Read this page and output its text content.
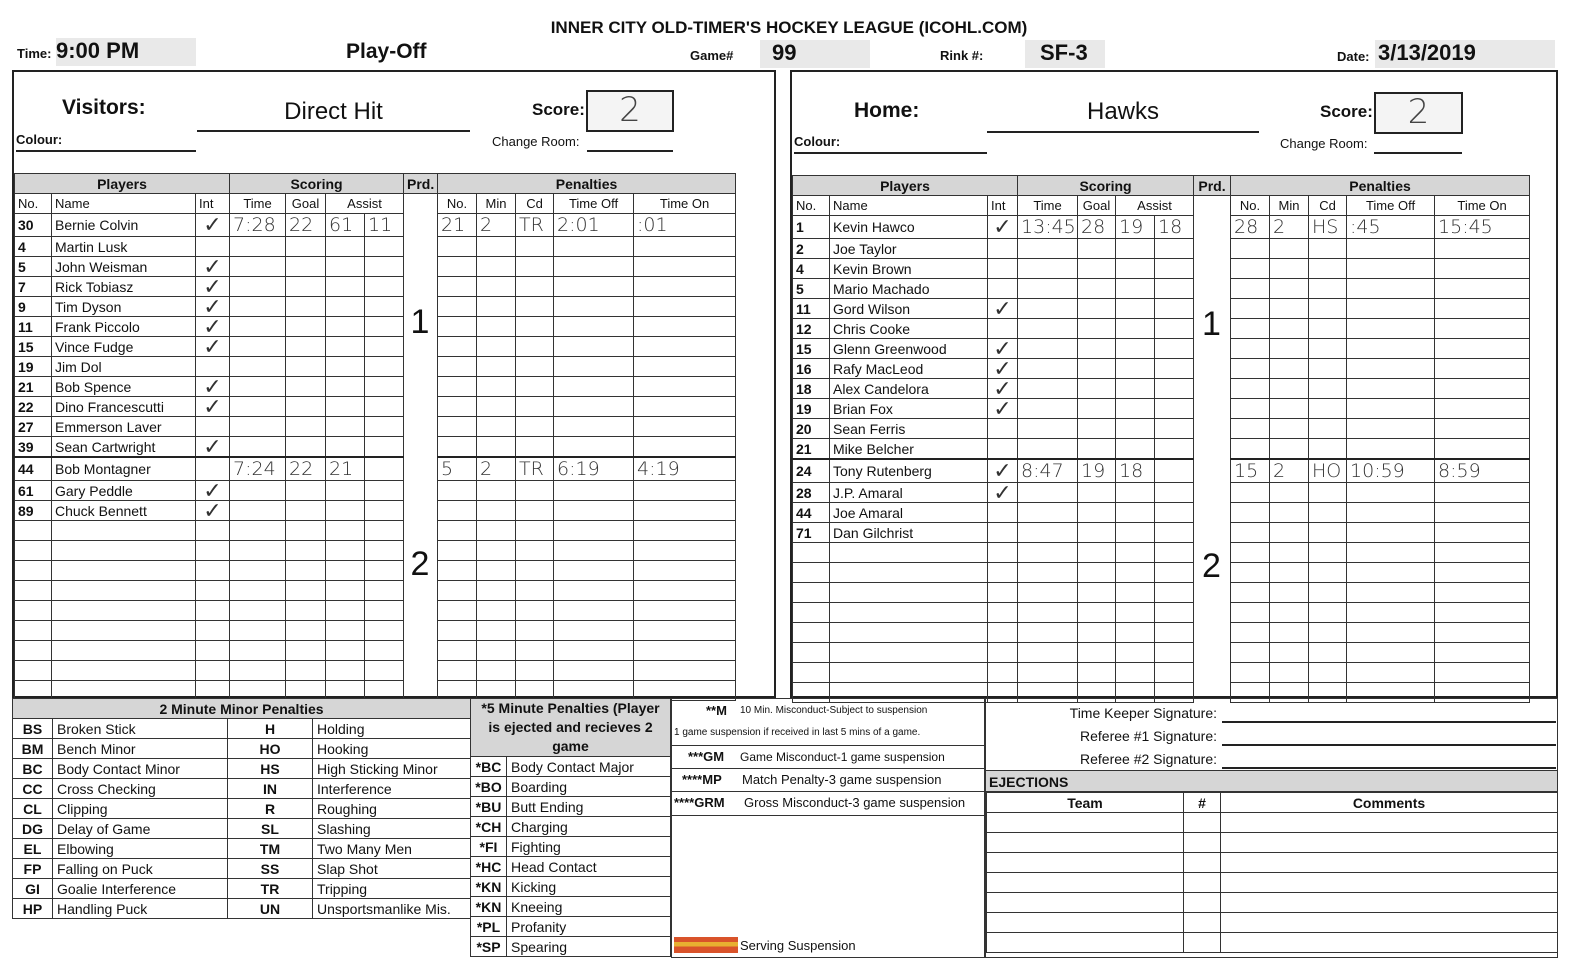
INNER CITY OLD-TIMER'S HOCKEY LEAGUE (ICOHL.COM)
Time: 9:00 PM	Play-Off	Game#	99	Rink #:	SF-3	Date: 3/13/2019
Visitors:	Direct Hit	Score:	2
Colour:	Change Room:
Players			Scoring				Prd.	Penalties				
No.	Name	Int	Time	Goal	Assist			No.	Min	Cd	Time Off	Time On
30	Bernie Colvin	✓	7:28	22	61	11		21	2	TR	2:01	:01
4	Martin Lusk											
5	John Weisman	✓										
7	Rick Tobiasz	✓										
9	Tim Dyson	✓										
11	Frank Piccolo	✓										
15	Vince Fudge	✓										
19	Jim Dol											
21	Bob Spence	✓										
22	Dino Francescutti	✓										
27	Emmerson Laver											
39	Sean Cartwright	✓										
44	Bob Montagner		7:24	22	21			5	2	TR	6:19	4:19
61	Gary Peddle	✓										
89	Chuck Bennett	✓										

1
2
Home:	Hawks	Score:	2
Colour:	Change Room:
Players			Scoring				Prd.	Penalties				
No.	Name	Int	Time	Goal	Assist			No.	Min	Cd	Time Off	Time On
1	Kevin Hawco	✓	13:45	28	19	18		28	2	HS	:45	15:45
2	Joe Taylor											
4	Kevin Brown											
5	Mario Machado											
11	Gord Wilson	✓										
12	Chris Cooke											
15	Glenn Greenwood	✓										
16	Rafy MacLeod	✓										
18	Alex Candelora	✓										
19	Brian Fox	✓										
20	Sean Ferris											
21	Mike Belcher											
24	Tony Rutenberg	✓	8:47	19	18			15	2	HO	10:59	8:59
28	J.P. Amaral	✓										
44	Joe Amaral											
71	Dan Gilchrist											

1
2
2 Minute Minor Penalties			
BS	Broken Stick	H	Holding
BM	Bench Minor	HO	Hooking
BC	Body Contact Minor	HS	High Sticking Minor
CC	Cross Checking	IN	Interference
CL	Clipping	R	Roughing
DG	Delay of Game	SL	Slashing
EL	Elbowing	TM	Two Many Men
FP	Falling on Puck	SS	Slap Shot
GI	Goalie Interference	TR	Tripping
HP	Handling Puck	UN	Unsportsmanlike Mis.
*5 Minute Penalties (Player is ejected and recieves 2 game	
*BC	Body Contact Major
*BO	Boarding
*BU	Butt Ending
*CH	Charging
*FI	Fighting
*HC	Head Contact
*KN	Kicking
*KN	Kneeing
*PL	Profanity
*SP	Spearing
**M 10 Min. Misconduct-Subject to suspension
1 game suspension if received in last 5 mins of a game.
***GM Game Misconduct-1 game suspension
****MP Match Penalty-3 game suspension
****GRM Gross Misconduct-3 game suspension
Serving Suspension
Time Keeper Signature:
Referee #1 Signature:
Referee #2 Signature:
EJECTIONS
Team	#	Comments
